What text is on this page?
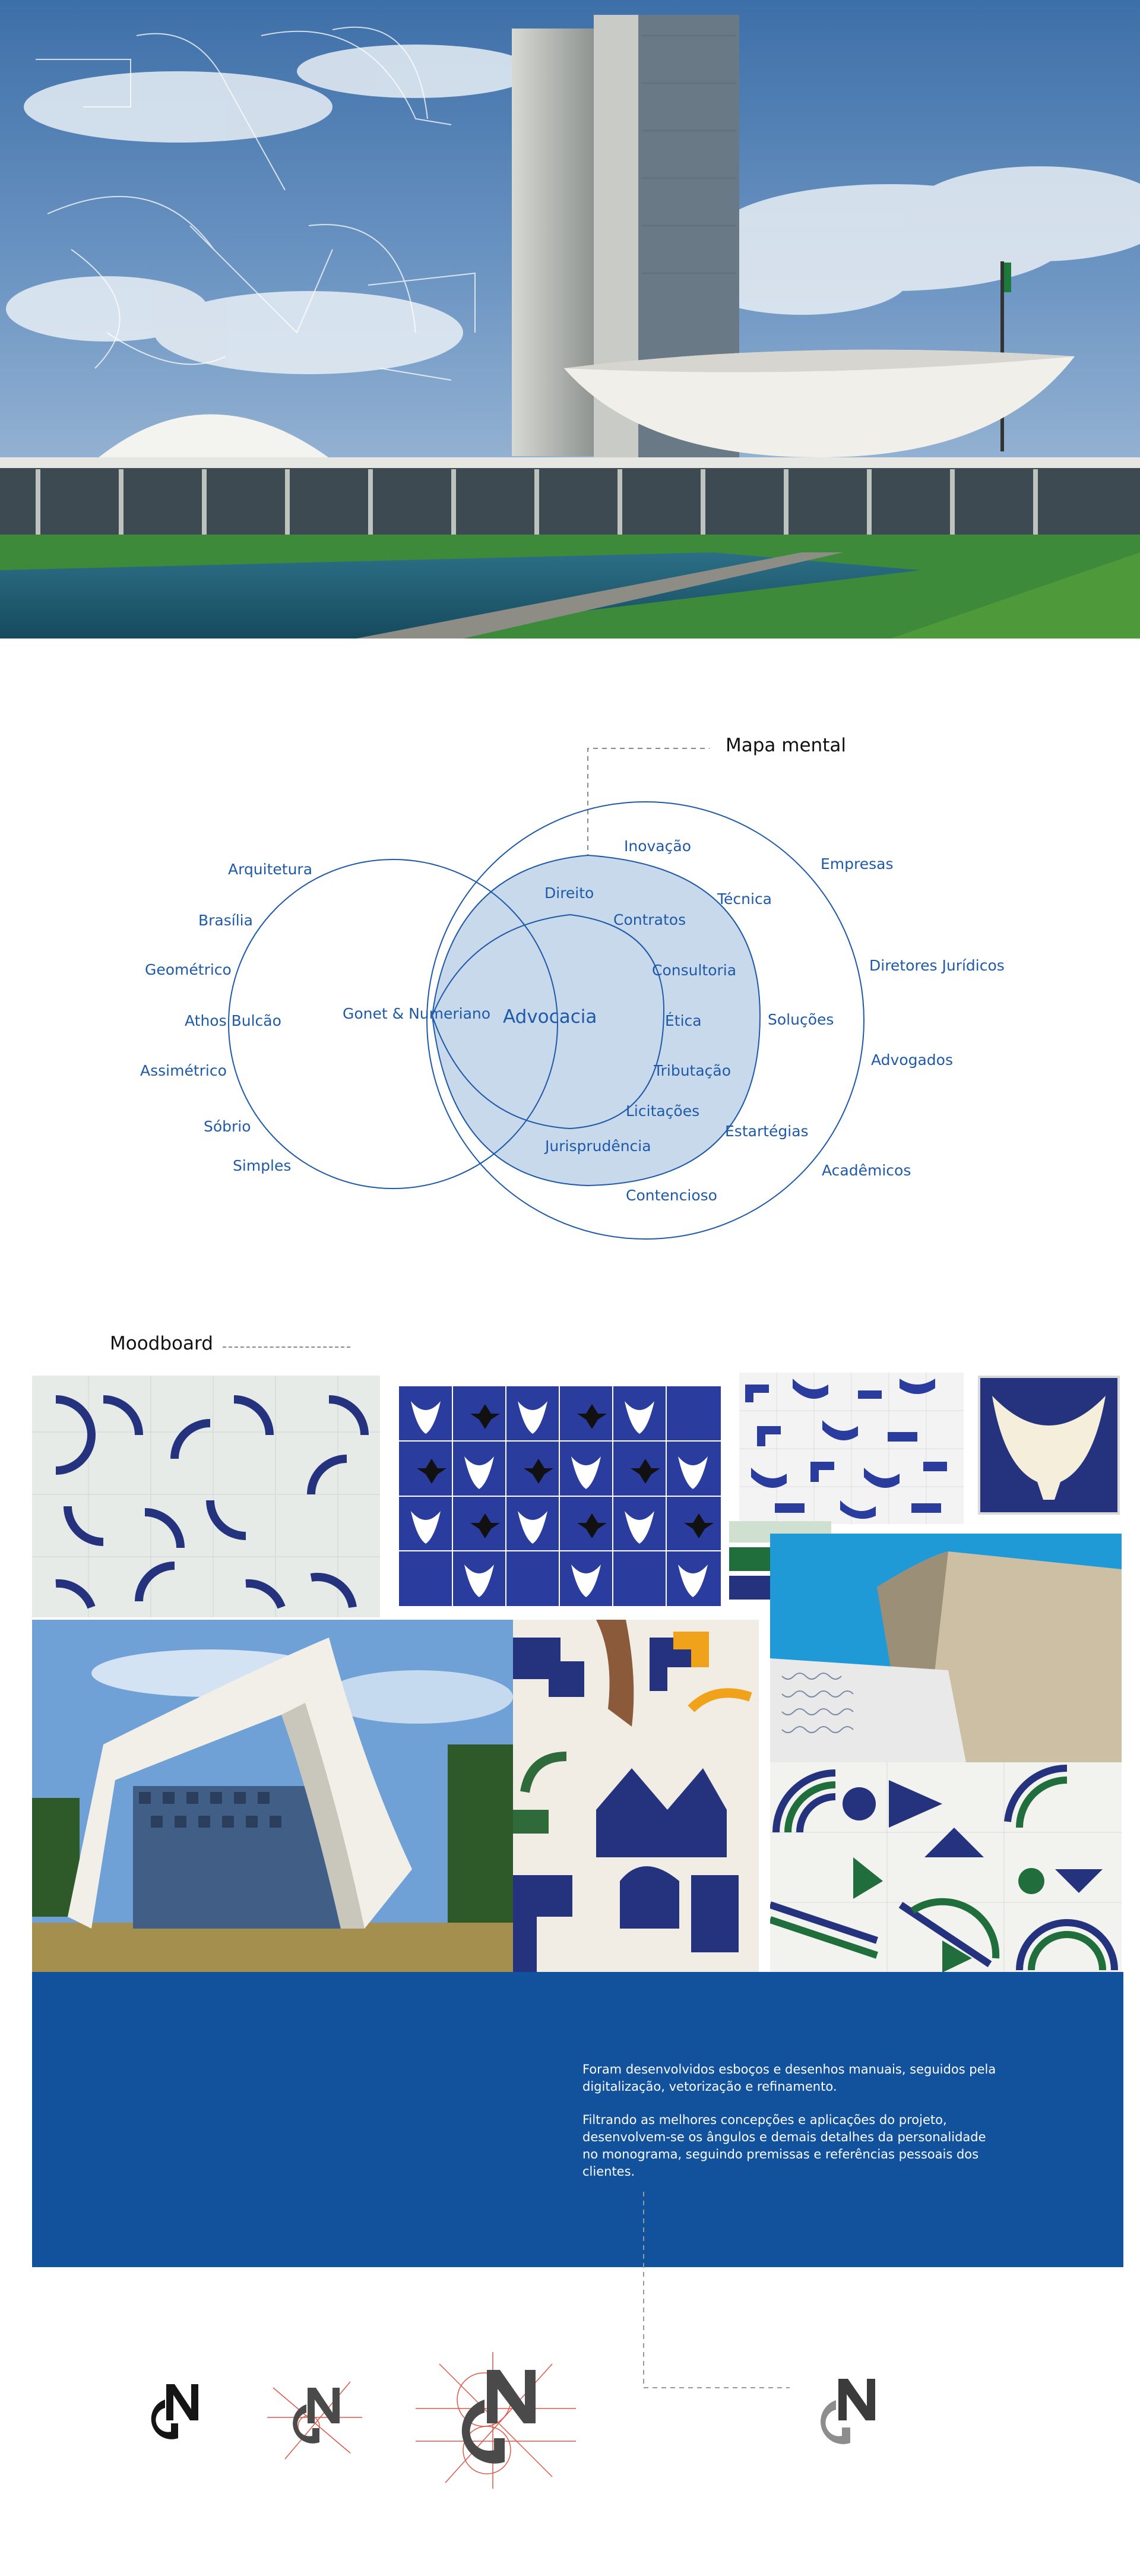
Mapa mental
Arquitetura
Brasília
Geométrico
Athos Bulcão
Assimétrico
Sóbrio
Simples
Gonet & Numeriano Advocacia
Direito
Contratos
Consultoria
Ética
Tributação
Licitações
Jurisprudência
Inovação
Técnica
Soluções
Estartégias
Contencioso
Empresas
Diretores Jurídicos
Advogados
Acadêmicos
Moodboard

Foram desenvolvidos esboços e desenhos manuais, seguidos pela digitalização, vetorização e refinamento.

Filtrando as melhores concepções e aplicações do projeto, desenvolvem-se os ângulos e demais detalhes da personalidade no monograma, seguindo premissas e referências pessoais dos clientes.
